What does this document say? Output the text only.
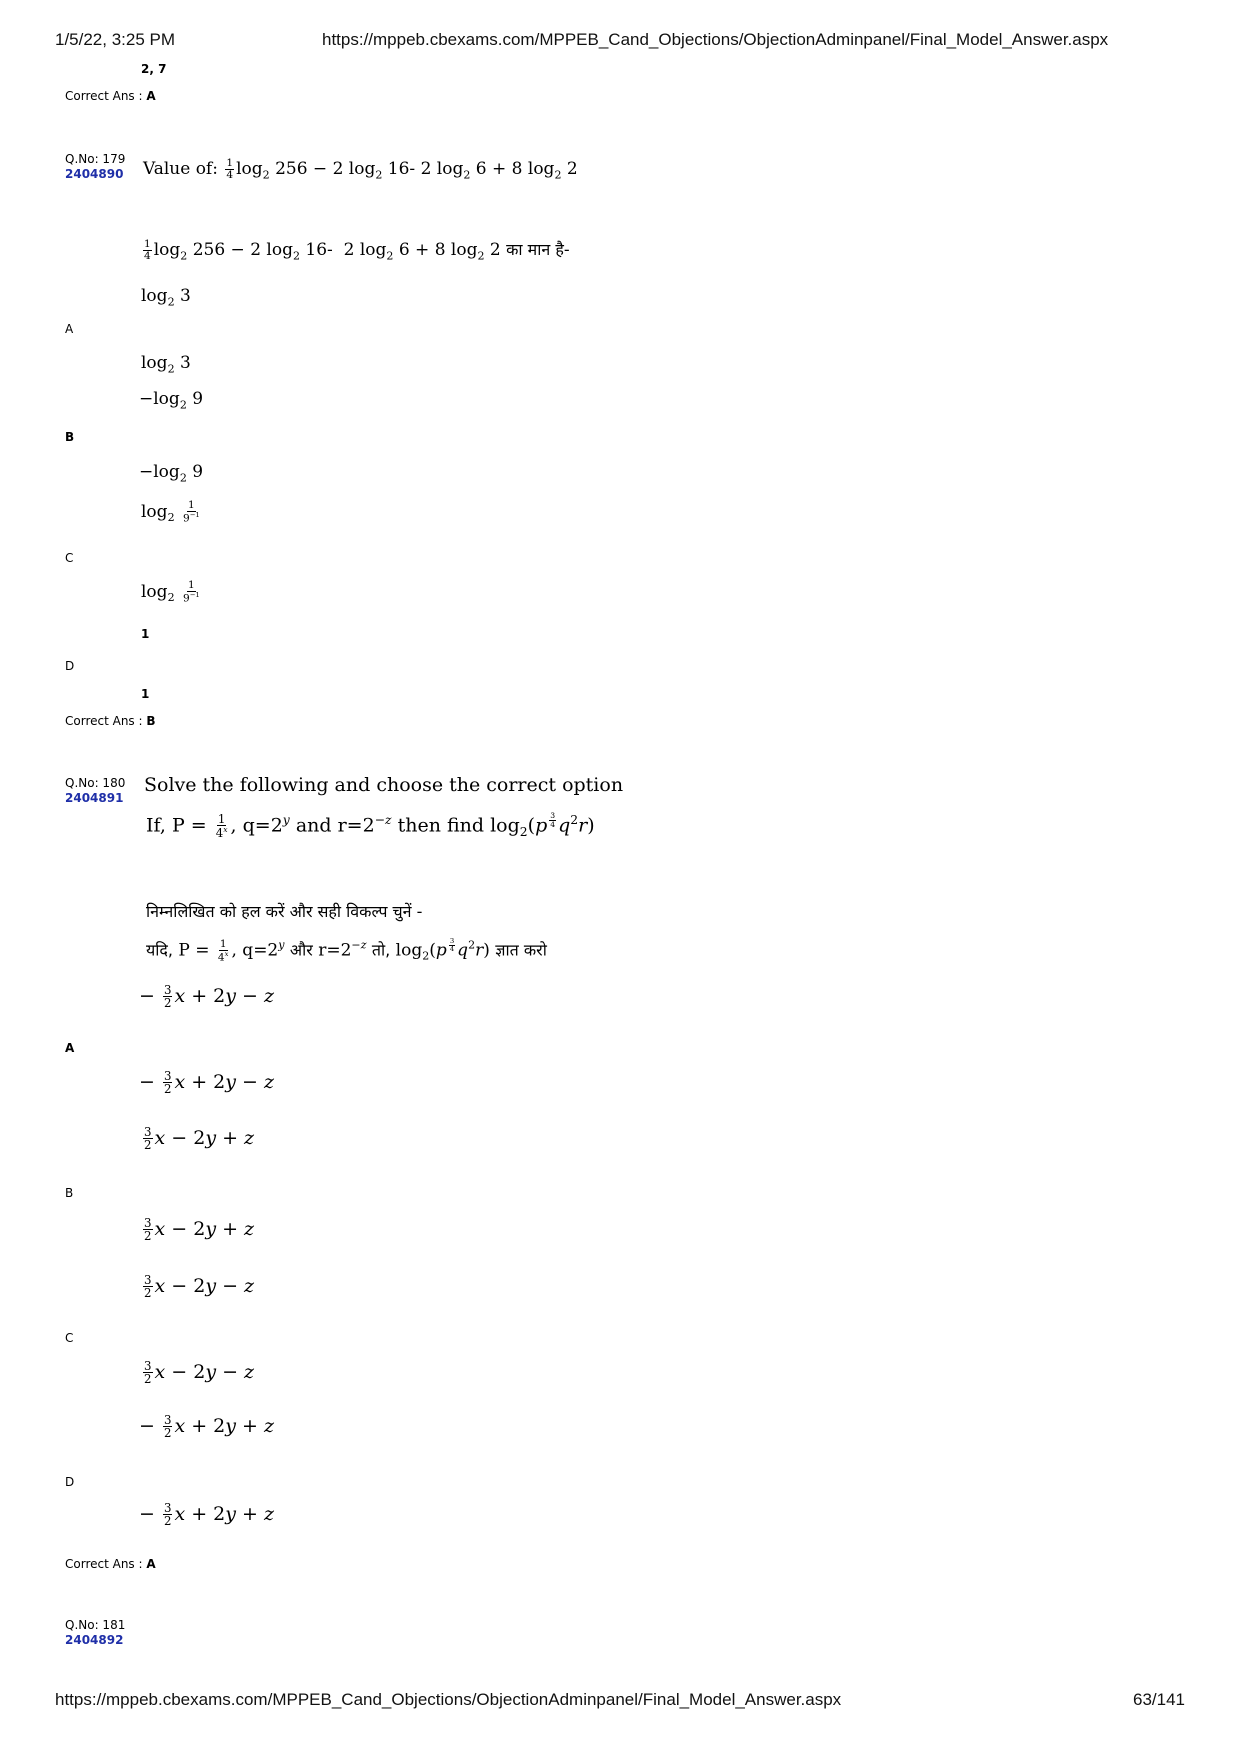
1/5/22, 3:25 PM	https://mppeb.cbexams.com/MPPEB_Cand_Objections/ObjectionAdminpanel/Final_Model_Answer.aspx
2, 7
Correct Ans : A
Q.No: 179
2404890 Value of: $\frac{1}{4} \log_2 256 - 2$ $\log_2 16-$ 2 $\log_2 6 + 8$ $\log_2 2$
$\frac{1}{4} \log_2 256 - 2$ $\log_2 16-$  2 $\log_2 6 + 8$ $\log_2 2$ का मान है-
$\log_2 3$
A
$\log_2 3$
$-\log_2$ 9
B
$-\log_2$ 9
$\log_2 \frac{1}{9^{-1}}$
C
$\log_2 \frac{1}{9^{-1}}$
1
D
1
Correct Ans : B
Q.No: 180
2404891
Solve the following and choose the correct option
If, $P = \frac{1}{4^x}$ , $q=2^y$ and $r=2^{-z}$ then find $\log_2(p$ $^{\frac{3}{4}}$ $q^2r$)
निम्नलिखित को हल करें और सही विकल्प चुनें -
यदि, $P = \frac{1}{4^x}$ , $q=2^y$ और $r=2^{-z}$ तो, $\log_2(p$ $^{\frac{3}{4}}$ $q^2r$) ज्ञात करो
− $\frac{3}{2}$ x + 2y − z
A
− $\frac{3}{2}$ x + 2y − z
$\frac{3}{2}$ x − 2y + z
B
$\frac{3}{2}$ x − 2y + z
$\frac{3}{2}$ x − 2y − z
C
$\frac{3}{2}$ x − 2y − z
− $\frac{3}{2}$ x + 2y + z
D
− $\frac{3}{2}$ x + 2y + z
Correct Ans : A
Q.No: 181
2404892
https://mppeb.cbexams.com/MPPEB_Cand_Objections/ObjectionAdminpanel/Final_Model_Answer.aspx	63/141
